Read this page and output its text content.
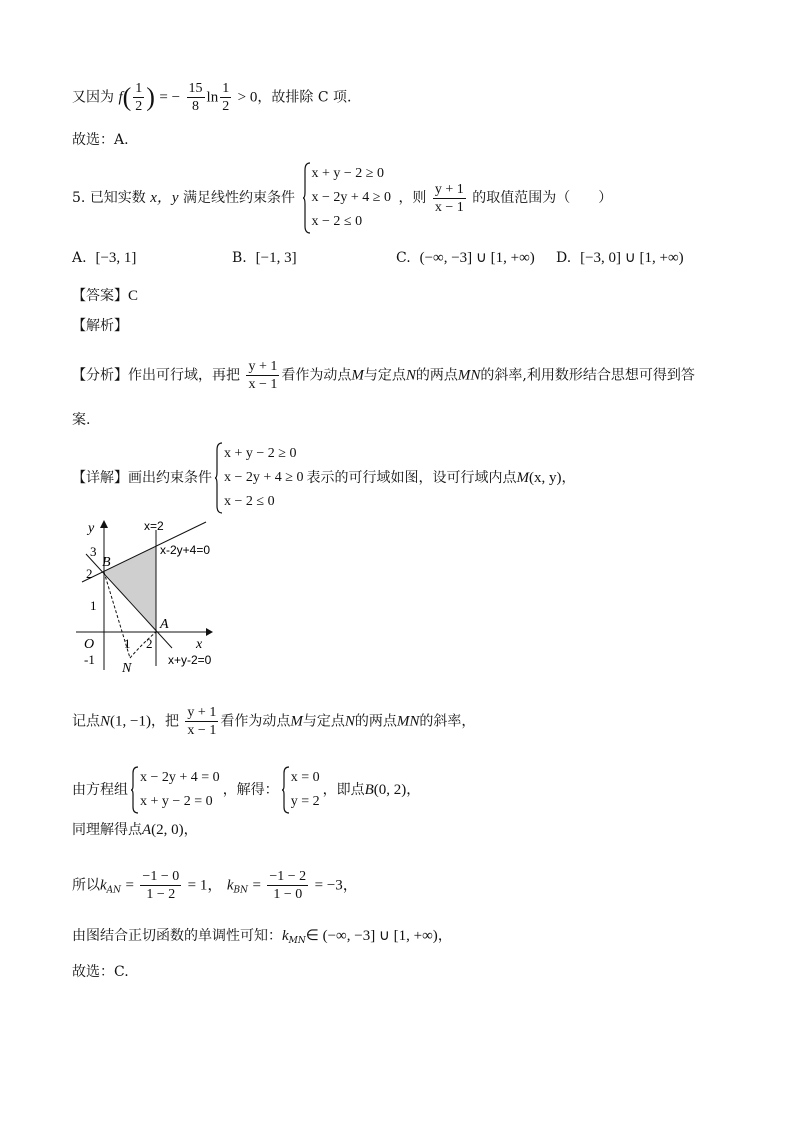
又因为 $f( \frac{1}{2}$ ) = − $\frac{15}{8}$ $\ln \frac{1}{2} > 0$，故排除 C 项.
故选：A.
5. 已知实数 x，y 满足线性约束条件
x + y − 2 ≥ 0
x − 2y + 4 ≥ 0
x − 2 ≤ 0
，则 $\frac{y + 1}{x - 1}$ 的取值范围为（　　）
A. [−3, 1]	B. [−1, 3]	C. (−∞, −3] ∪ [1, +∞) D. [−3, 0] ∪ [1, +∞)
【答案】C
【解析】
【分析】作出可行域，再把 $\frac{y + 1}{x - 1}$ 看作为动点M与定点N的两点MN的斜率,利用数形结合思想可得到答
案.
【详解】画出约束条件
x + y − 2 ≥ 0
x − 2y + 4 ≥ 0
x − 2 ≤ 0
表示的可行域如图，设可行域内点M(x, y)，
y
x
O
3
2
1
-1
1 2
B
A
N
x=2
x-2y+4=0
x+y-2=0
记点N(1, −1)，把 $\frac{y + 1}{x - 1}$ 看作为动点M与定点N的两点MN的斜率，
由方程组
x − 2y + 4 = 0
x + y − 2 = 0
，解得：
x = 0
y = 2
，即点B(0, 2)，
同理解得点A(2, 0)，
所以$k_{AN} = \frac{-1 - 0}{1 - 2} = 1$， $k_{BN} = \frac{-1 - 2}{1 - 0} = -3$，
由图结合正切函数的单调性可知：$k_{MN}\in$ (−∞, −3] ∪ [1, +∞)，
故选：C.
